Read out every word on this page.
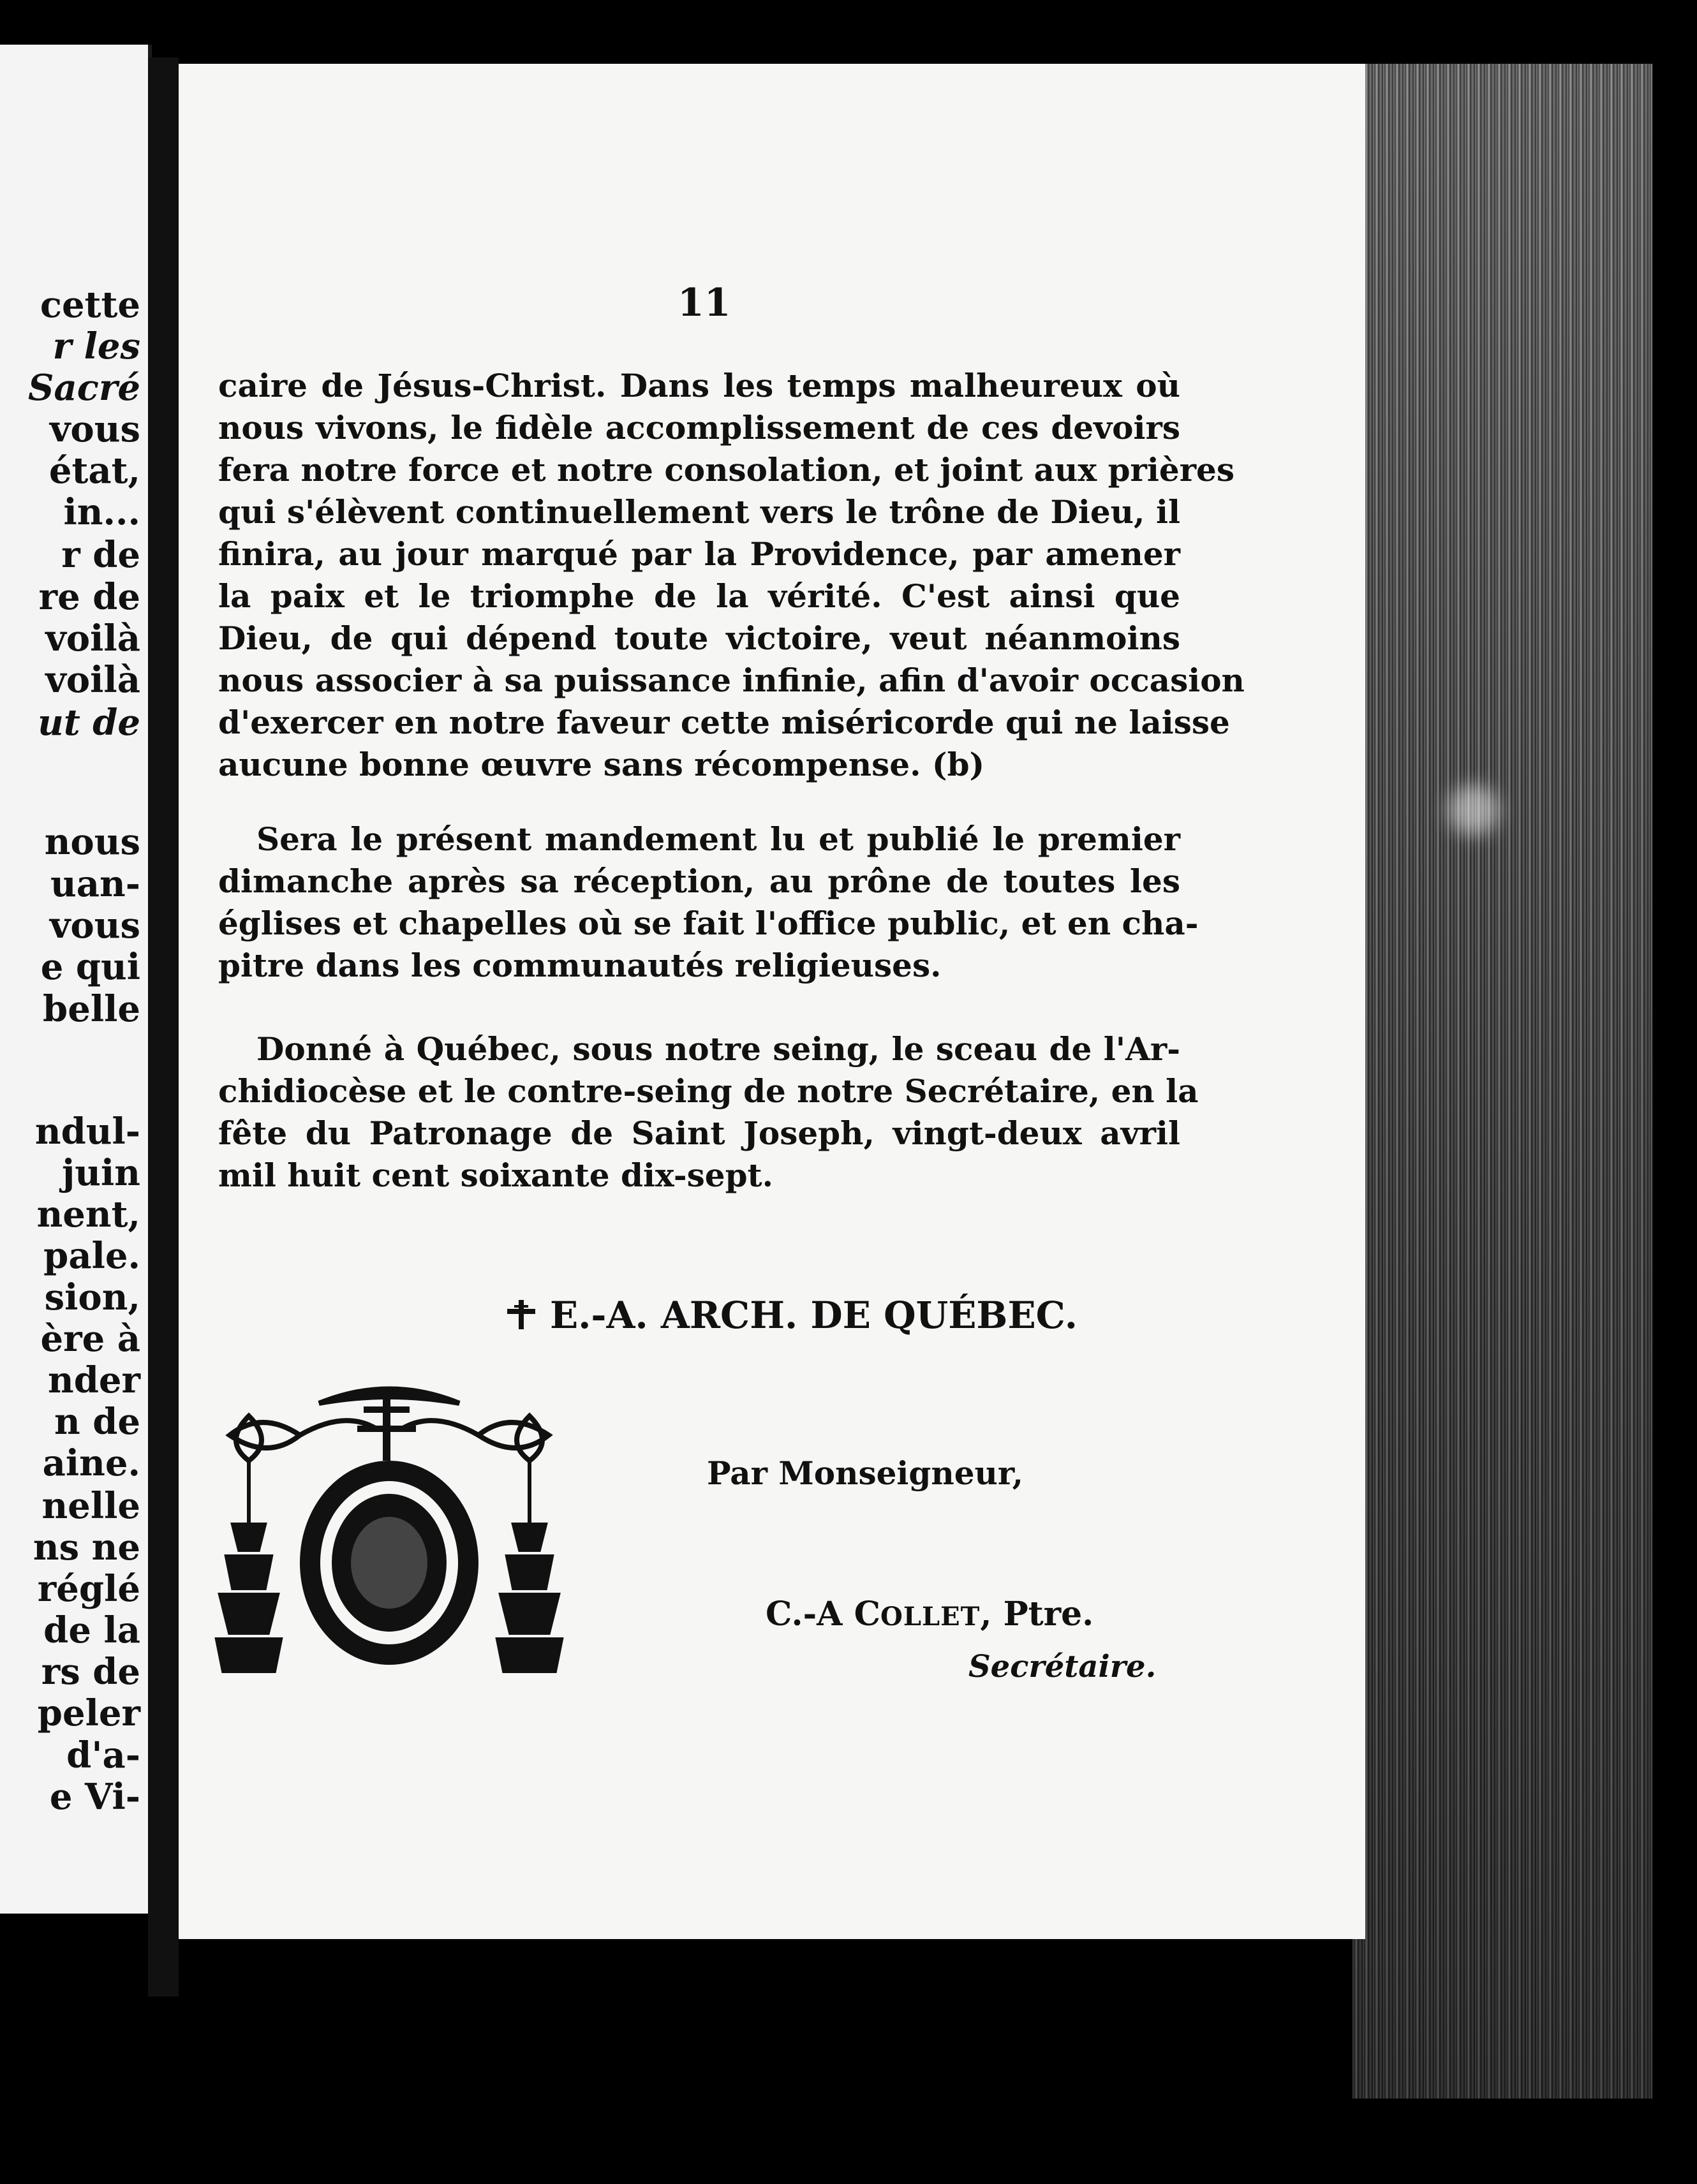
cette
r les
Sacré
vous
état,
in...
r de
re de
voilà
voilà
ut de
nous
uan-
vous
e qui
belle
ndul-
juin
nent,
pale.
sion,
ère à
nder
n de
aine.
nelle
ns ne
réglé
de la
rs de
peler
d'a-
e Vi-
11
caire de Jésus-Christ. Dans les temps malheureux où
nous vivons, le fidèle accomplissement de ces devoirs
fera notre force et notre consolation, et joint aux prières
qui s'élèvent continuellement vers le trône de Dieu, il
finira, au jour marqué par la Providence, par amener
la paix et le triomphe de la vérité. C'est ainsi que
Dieu, de qui dépend toute victoire, veut néanmoins
nous associer à sa puissance infinie, afin d'avoir occasion
d'exercer en notre faveur cette miséricorde qui ne laisse
aucune bonne œuvre sans récompense. (b)
Sera le présent mandement lu et publié le premier
dimanche après sa réception, au prône de toutes les
églises et chapelles où se fait l'office public, et en cha-
pitre dans les communautés religieuses.
Donné à Québec, sous notre seing, le sceau de l'Ar-
chidiocèse et le contre-seing de notre Secrétaire, en la
fête du Patronage de Saint Joseph, vingt-deux avril
mil huit cent soixante dix-sept.
E.-A. ARCH. DE QUÉBEC.
Par Monseigneur,
C.-A COLLET, Ptre.
Secrétaire.
